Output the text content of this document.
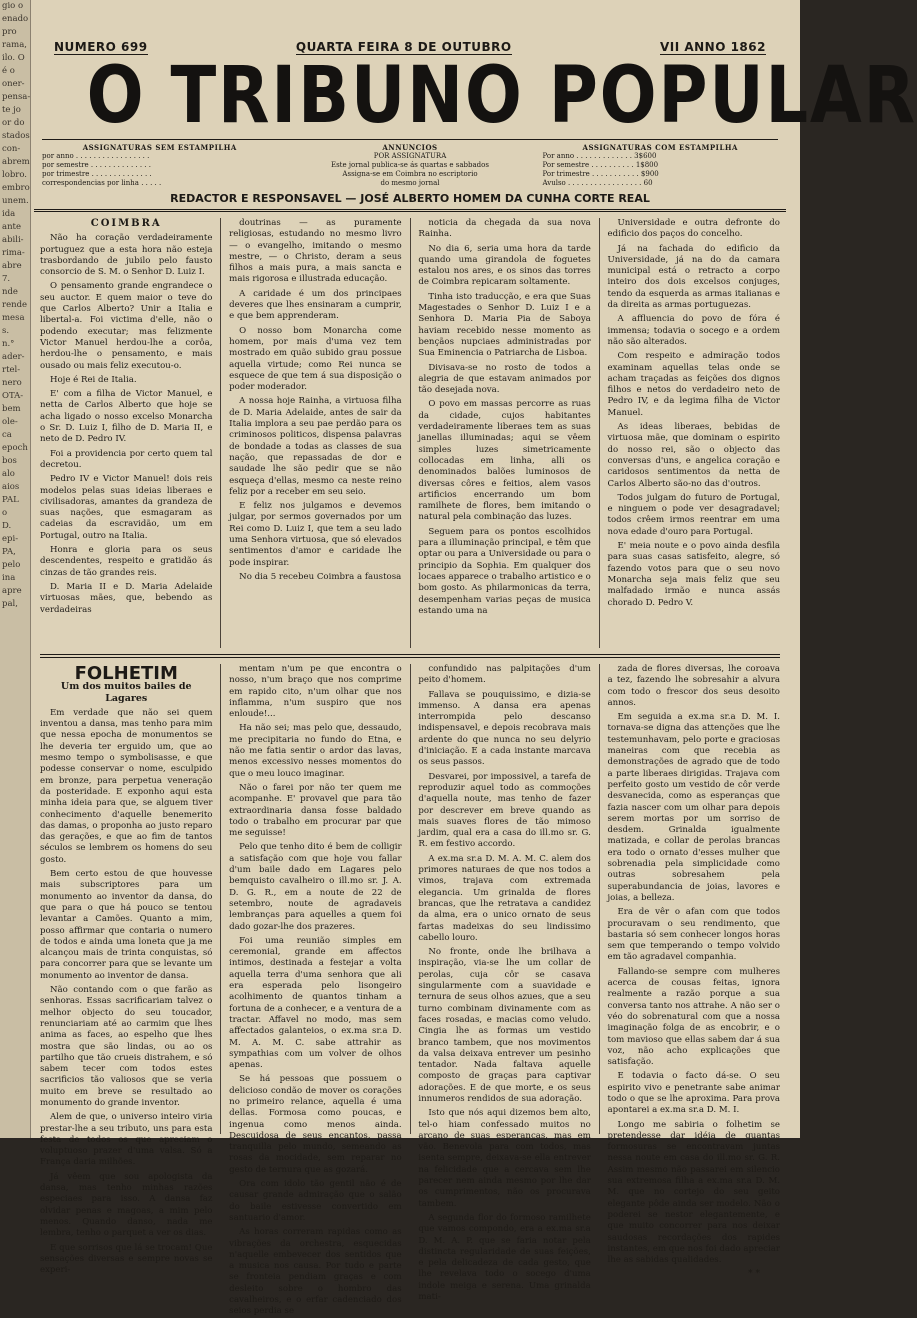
gio o
enado
pro
rama,
ilo. O
é o
oner-
pensa-
te jo
or do
stados
con-
abrem
lobro.
embro
unem.
ida
ante
abili-
rima-
abre
7.
nde
rende
mesa
s.
n.°
ader-
rtel-
nero
OTA-
bem
ole-
ca
epoch
bos
alo
aios
PAL
o
D.
epi-
PA,
pelo
ina
apre
pal,
NUMERO 699	QUARTA FEIRA 8 DE OUTUBRO	VII ANNO 1862
O TRIBUNO POPULAR
ASSIGNATURAS SEM ESTAMPILHA
por anno . . . . . . . . . . . . . . . . .
por semestre . . . . . . . . . . . . . .
por trimestre . . . . . . . . . . . . . .
correspondencias por linha . . . . .
ANNUNCIOS
POR ASSIGNATURA
Este jornal publica-se ás quartas e sabbados
Assigna-se em Coimbra no escriptorio
do mesmo jornal
ASSIGNATURAS COM ESTAMPILHA
Por anno . . . . . . . . . . . . . 3$600
Por semestre . . . . . . . . . . 1$800
Por trimestre . . . . . . . . . . . $900
Avulso . . . . . . . . . . . . . . . . . 60
REDACTOR E RESPONSAVEL — JOSÉ ALBERTO HOMEM DA CUNHA CORTE REAL
COIMBRA

Não ha coração verdadeiramente portuguez que a esta hora não esteja trasbordando de jubilo pelo fausto consorcio de S. M. o Senhor D. Luiz I.

O pensamento grande engrandece o seu auctor. E quem maior o teve do que Carlos Alberto? Unir a Italia e libertal-a. Foi victima d'elle, não o podendo executar; mas felizmente Victor Manuel herdou-lhe a corôa, herdou-lhe o pensamento, e mais ousado ou mais feliz executou-o.

Hoje é Rei de Italia.

E' com a filha de Victor Manuel, e netta de Carlos Alberto que hoje se acha ligado o nosso excelso Monarcha o Sr. D. Luiz I, filho de D. Maria II, e neto de D. Pedro IV.

Foi a providencia por certo quem tal decretou.

Pedro IV e Victor Manuel! dois reis modelos pelas suas ideias liberaes e civilisadoras, amantes da grandeza de suas nações, que esmagaram as cadeias da escravidão, um em Portugal, outro na Italia.

Honra e gloria para os seus descendentes, respeito e gratidão ás cinzas de tão grandes reis.

D. Maria II e D. Maria Adelaide virtuosas mães, que, bebendo as verdadeiras

doutrinas — as puramente religiosas, estudando no mesmo livro — o evangelho, imitando o mesmo mestre, — o Christo, deram a seus filhos a mais pura, a mais sancta e mais rigorosa e illustrada educação.

A caridade é um dos principaes deveres que lhes ensinaram a cumprir, e que bem apprenderam.

O nosso bom Monarcha come homem, por mais d'uma vez tem mostrado em quão subido grau possue aquella virtude; como Rei nunca se esquece de que tem á sua disposição o poder moderador.

A nossa hoje Rainha, a virtuosa filha de D. Maria Adelaide, antes de sair da Italia implora a seu pae perdão para os criminosos politicos, dispensa palavras de bondade a todas as classes de sua nação, que repassadas de dor e saudade lhe são pedir que se não esqueça d'ellas, mesmo ca neste reino feliz por a receber em seu seio.

E feliz nos julgamos e devemos julgar, por sermos governados por um Rei como D. Luiz I, que tem a seu lado uma Senhora virtuosa, que só elevados sentimentos d'amor e caridade lhe pode inspirar.

No dia 5 recebeu Coimbra a faustosa

noticia da chegada da sua nova Rainha.

No dia 6, seria uma hora da tarde quando uma girandola de foguetes estalou nos ares, e os sinos das torres de Coimbra repicaram soltamente.

Tinha isto traducção, e era que Suas Magestades o Senhor D. Luiz I e a Senhora D. Maria Pia de Saboya haviam recebido nesse momento as bençãos nupciaes administradas por Sua Eminencia o Patriarcha de Lisboa.

Divisava-se no rosto de todos a alegria de que estavam animados por tão desejada nova.

O povo em massas percorre as ruas da cidade, cujos habitantes verdadeiramente liberaes tem as suas janellas illuminadas; aqui se vêem simples luzes simetricamente collocadas em linha, alli os denominados balões luminosos de diversas côres e feitios, alem vasos artificios encerrando um bom ramilhete de flores, bem imitando o natural pela combinação das luzes.

Seguem para os pontos escolhidos para a illuminação principal, e têm que optar ou para a Universidade ou para o principio da Sophia. Em qualquer dos locaes apparece o trabalho artistico e o bom gosto. As philarmonicas da terra, desempenham varias peças de musica estando uma na

Universidade e outra defronte do edificio dos paços do concelho.

Já na fachada do edificio da Universidade, já na do da camara municipal está o retracto a corpo inteiro dos dois excelsos conjuges, tendo da esquerda as armas italianas e da direita as armas portuguezas.

A affluencia do povo de fóra é immensa; todavia o socego e a ordem não são alterados.

Com respeito e admiração todos examinam aquellas telas onde se acham traçadas as feições dos dignos filhos e netos do verdadeiro neto de Pedro IV, e da legima filha de Victor Manuel.

As ideas liberaes, bebidas de virtuosa mãe, que dominam o espirito do nosso rei, são o objecto das conversas d'uns, e angelica coração e caridosos sentimentos da netta de Carlos Alberto são-no das d'outros.

Todos julgam do futuro de Portugal, e ninguem o pode ver desagradavel; todos crêem irmos reentrar em uma nova edade d'ouro para Portugal.

E' meia noute e o povo ainda desfila para suas casas satisfeito, alegre, só fazendo votos para que o seu novo Monarcha seja mais feliz que seu malfadado irmão e nunca assás chorado D. Pedro V.

FOLHETIM
Um dos muitos bailes de Lagares

Em verdade que não sei quem inventou a dansa, mas tenho para mim que nessa epocha de monumentos se lhe deveria ter erguido um, que ao mesmo tempo o symbolisasse, e que podesse conservar o nome, esculpido em bronze, para perpetua veneração da posteridade. E exponho aqui esta minha ideia para que, se alguem tiver conhecimento d'aquelle benemerito das damas, o proponha ao justo reparo das gerações, e que ao fim de tantos séculos se lembrem os homens do seu gosto.

Bem certo estou de que houvesse mais subscriptores para um monumento ao inventor da dansa, do que para o que há pouco se tentou levantar a Camões. Quanto a mim, posso affirmar que contaria o numero de todos e ainda uma loneta que ja me alcançou mais de trinta conquistas, só para concorrer para que se levante um monumento ao inventor de dansa.

Não contando com o que farão as senhoras. Essas sacrificariam talvez o melhor objecto do seu toucador, renunciariam até ao carmim que lhes anima as faces, ao espelho que lhes mostra que são lindas, ou ao os partilho que tão crueis distrahem, e só sabem tecer com todos estes sacrificios tão valiosos que se veria muito em breve se resultado ao monumento do grande inventor.

Alem de que, o universo inteiro viria prestar-lhe a seu tributo, uns para esta festa de todos os que apreciam o voluptuoso prazer d'uma valsa. Só a França daria milhões.

Já vêem que sou apologista da dansa, mas tenho minhas razões especiaes para isso. A dansa faz olvidar penas e magoas, a mim pelo menos. Quando danso, nada me lembra, tenho o parquet a ver os dias.

E que sorrisos que lá se trocam! Que sensações diversas e sempre novas se experi-

mentam n'um pe que encontra o nosso, n'um braço que nos comprime em rapido cito, n'um olhar que nos inflamma, n'um suspiro que nos enloude!...

Ha não sei; mas pelo que, dessaudo, me precipitaria no fundo do Etna, e não me fatia sentir o ardor das lavas, menos excessivo nesses momentos do que o meu louco imaginar.

Não o farei por não ter quem me acompanhe. E' provavel que para tão extraordinaria dansa fosse baldado todo o trabalho em procurar par que me seguisse!

Pelo que tenho dito é bem de colligir a satisfação com que hoje vou fallar d'um baile dado em Lagares pelo bemquisto cavalheiro o ill.mo sr. J. A. D. G. R., em a noute de 22 de setembro, noute de agradaveis lembranças para aquelles a quem foi dado gozar-lhe dos prazeres.

Foi uma reunião simples em ceremonial, grande em affectos intimos, destinada a festejar a volta aquella terra d'uma senhora que ali era esperada pelo lisongeiro acolhimento de quantos tinham a fortuna de a conhecer, e a ventura de a tractar. Affavel no modo, mas sem affectados galanteios, o ex.ma sr.a D. M. A. M. C. sabe attrahir as sympathias com um volver de olhos apenas.

Se há pessoas que possuem o delicioso condão de mover os corações no primeiro relance, aquella é uma dellas. Formosa como poucas, e ingenua como menos ainda. Descuidosa de seus encantos, passa tranquilla pelo mundo, semeando as rosas da mocidade, sem reparar no gesto de ternura que as gozará.

Ora com idolo tão gentil não é de causar grande admiração que o salão do baile estivesse convertido em santuario d'amor.

As horas correram rapidas como as vibrações da orchestra, esquecidas n'aquelle embevecer dos sentidos que a musica nos causa. Por tudo e parte se fronteia pendiam graças e com desleito sobre o hombro das cavalheiros, e o erfar cadenciado dos seios perdia se

confundido nas palpitações d'um peito d'homem.

Fallava se pouquissimo, e dizia-se immenso. A dansa era apenas interrompida pelo descanso indispensavel, e depois recobrava mais ardente do que nunca no seu delyrio d'iniciação. E a cada instante marcava os seus passos.

Desvarei, por impossivel, a tarefa de reproduzir aquel todo as commoções d'aquella noute, mas tenho de fazer por descrever em breve quando as mais suaves flores de tão mimoso jardim, qual era a casa do ill.mo sr. G. R. em festivo accordo.

A ex.ma sr.a D. M. A. M. C. alem dos primores naturaes de que nos todos a vimos, trajava com extremada elegancia. Um grinalda de flores brancas, que lhe retratava a candidez da alma, era o unico ornato de seus fartas madeixas do seu lindissimo cabello louro.

No fronte, onde lhe brilhava a inspiração, via-se lhe um collar de perolas, cuja côr se casava singularmente com a suavidade e ternura de seus olhos azues, que a seu turno combinam divinamente com as faces rosadas, e macias como veludo. Cingia lhe as formas um vestido branco tambem, que nos movimentos da valsa deixava entrever um pesinho tentador. Nada faltava aquelle composto de graças para captivar adorações. E de que morte, e os seus innumeros rendidos de sua adoração.

Isto que nós aqui dizemos bem alto, tel-o hiam confessado muitos no arcano de suas esperanças, mas em vão. Benevola para com todos, mas isenta sempre, deixava-se ella entrever na felicidade que a cercava sem lhe parecer nem ainda mesmo por lhe dar os cumprimentos, não os procurava tambem.

A segunda flor do formoso ramilhete que vamos compondo, era a ex.ma sr.a D. M. A. P. que se faria notar pela distincta regularidade de suas feições, e pela delicadeza de cada gesto, que lhe revelava todo o socego d'uma indole meiga e serena. Uma grinalda mati-

zada de flores diversas, lhe coroava a tez, fazendo lhe sobresahir a alvura com todo o frescor dos seus desoito annos.

Em seguida a ex.ma sr.a D. M. I. tornava-se digna das attenções que lhe testemunhavam, pelo porte e graciosas maneiras com que recebia as demonstrações de agrado que de todo a parte liberaes dirigidas. Trajava com perfeito gosto um vestido de côr verde desvanecida, como as esperanças que fazia nascer com um olhar para depois serem mortas por um sorriso de desdem. Grinalda igualmente matizada, e collar de perolas brancas era todo o ornato d'esses mulher que sobrenadia pela simplicidade como outras sobresahem pela superabundancia de joias, lavores e joias, a belleza.

Era de vêr o afan com que todos procuravam o seu rendimento, que bastaria só sem conhecer longos horas sem que temperando o tempo volvido em tão agradavel companhia.

Fallando-se sempre com mulheres acerca de cousas feitas, ignora realmente a razão porque a sua conversa tanto nos attrahe. A não ser o véo do sobrenatural com que a nossa imaginação folga de as encobrir, e o tom mavioso que ellas sabem dar á sua voz, não acho explicações que satisfação.

E todavia o facto dá-se. O seu espirito vivo e penetrante sabe animar todo o que se lhe aproxima. Para prova apontarei a ex.ma sr.a D. M. I.

Longo me sabiria o folhetim se pretendesse dar idéia de quantas formosuras se encontravam juntas nessa noute em casa do ill.mo sr. G. R. Assim mesmo não passarei em silencio sua extremosa filha a ex.ma sr.a D. M. M. que no cortejo do seu geito elegante pôde ainda ser modelo. Não o poderei se nestor elegantemente, e que muito concorrer para nos deixar saudosas recordações dos rapides instantes, em que nos foi dado apreciar lhe as sabidas qualidades.

* *
